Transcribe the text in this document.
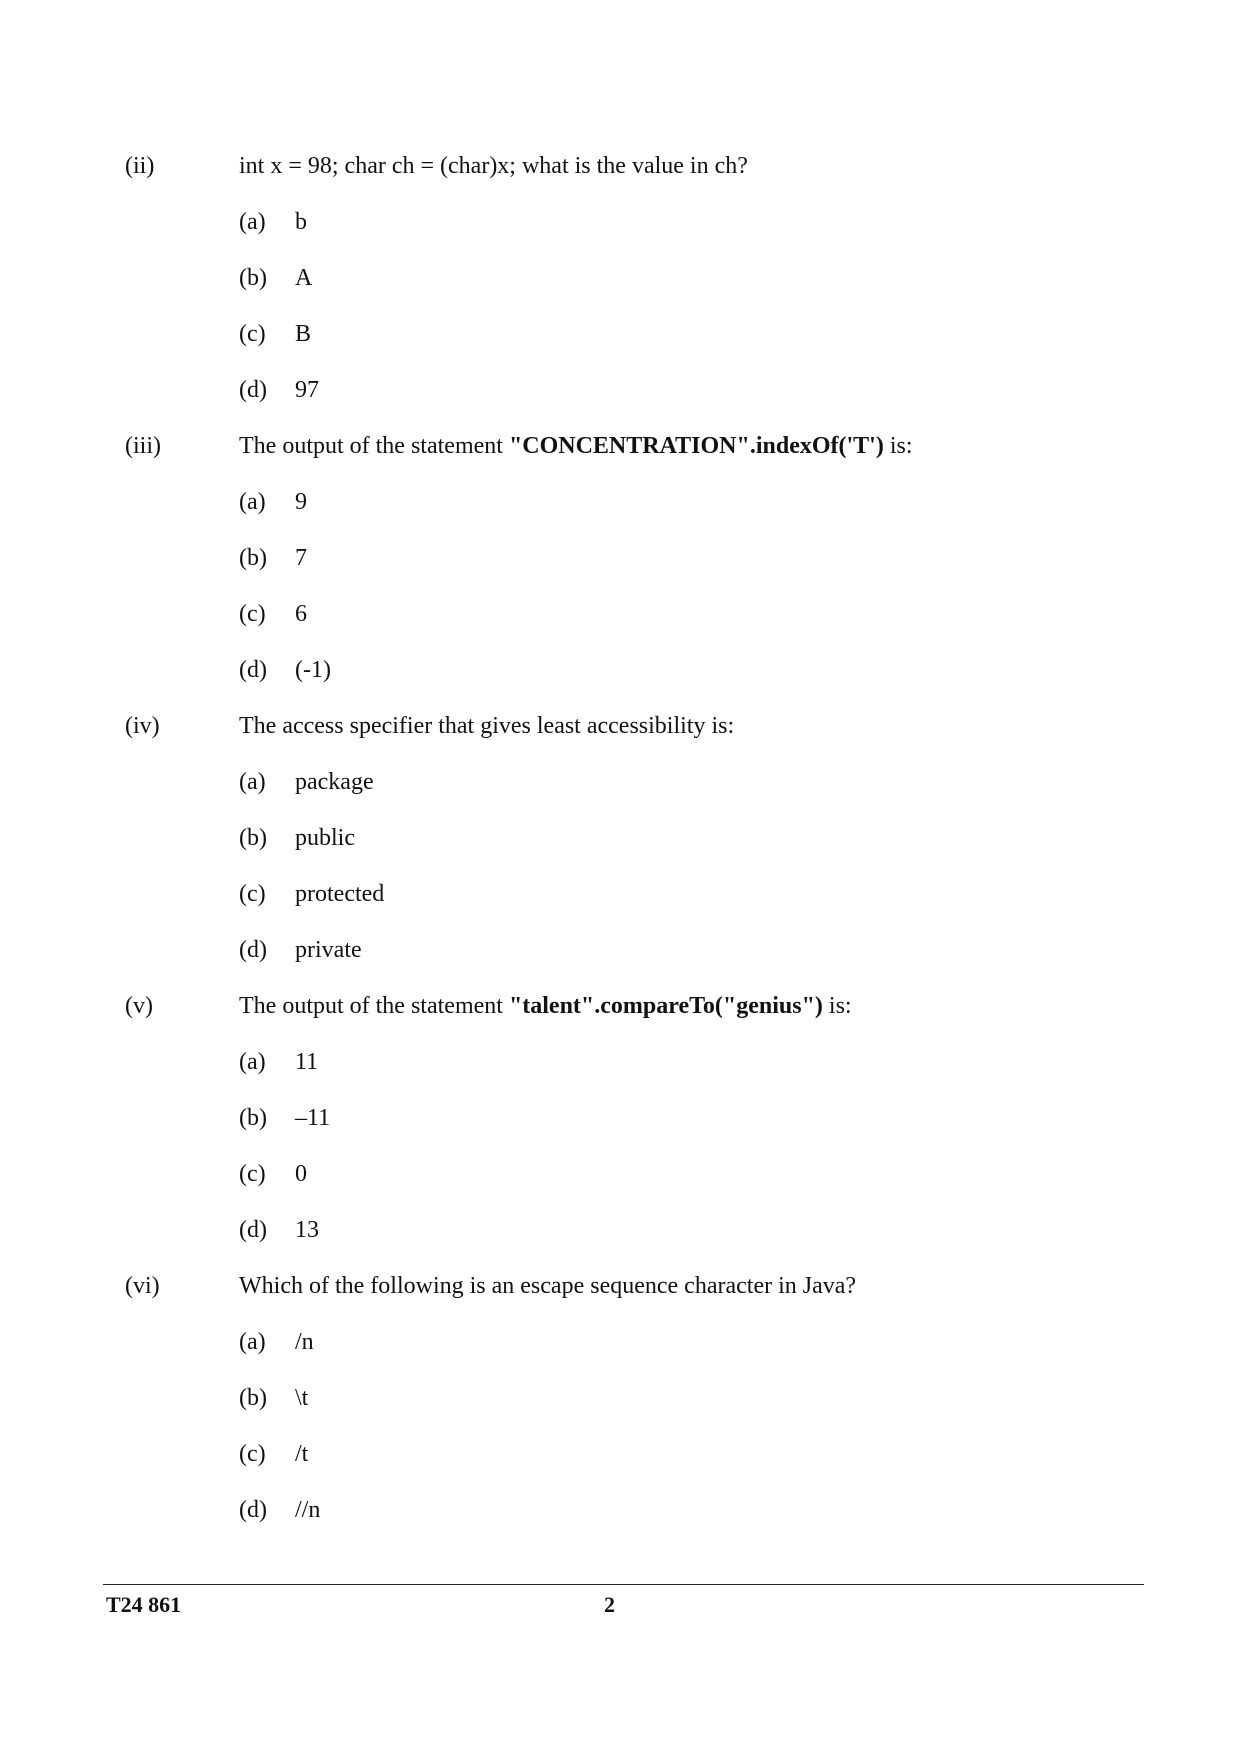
(ii)	int x = 98; char ch = (char)x; what is the value in ch?
(a) b
(b) A
(c) B
(d) 97
(iii)	The output of the statement "CONCENTRATION".indexOf('T') is:
(a) 9
(b) 7
(c) 6
(d) (-1)
(iv)	The access specifier that gives least accessibility is:
(a) package
(b) public
(c) protected
(d) private
(v)	The output of the statement "talent".compareTo("genius") is:
(a) 11
(b) –11
(c) 0
(d) 13
(vi)	Which of the following is an escape sequence character in Java?
(a) /n
(b) \t
(c) /t
(d) //n
T24 861	2
